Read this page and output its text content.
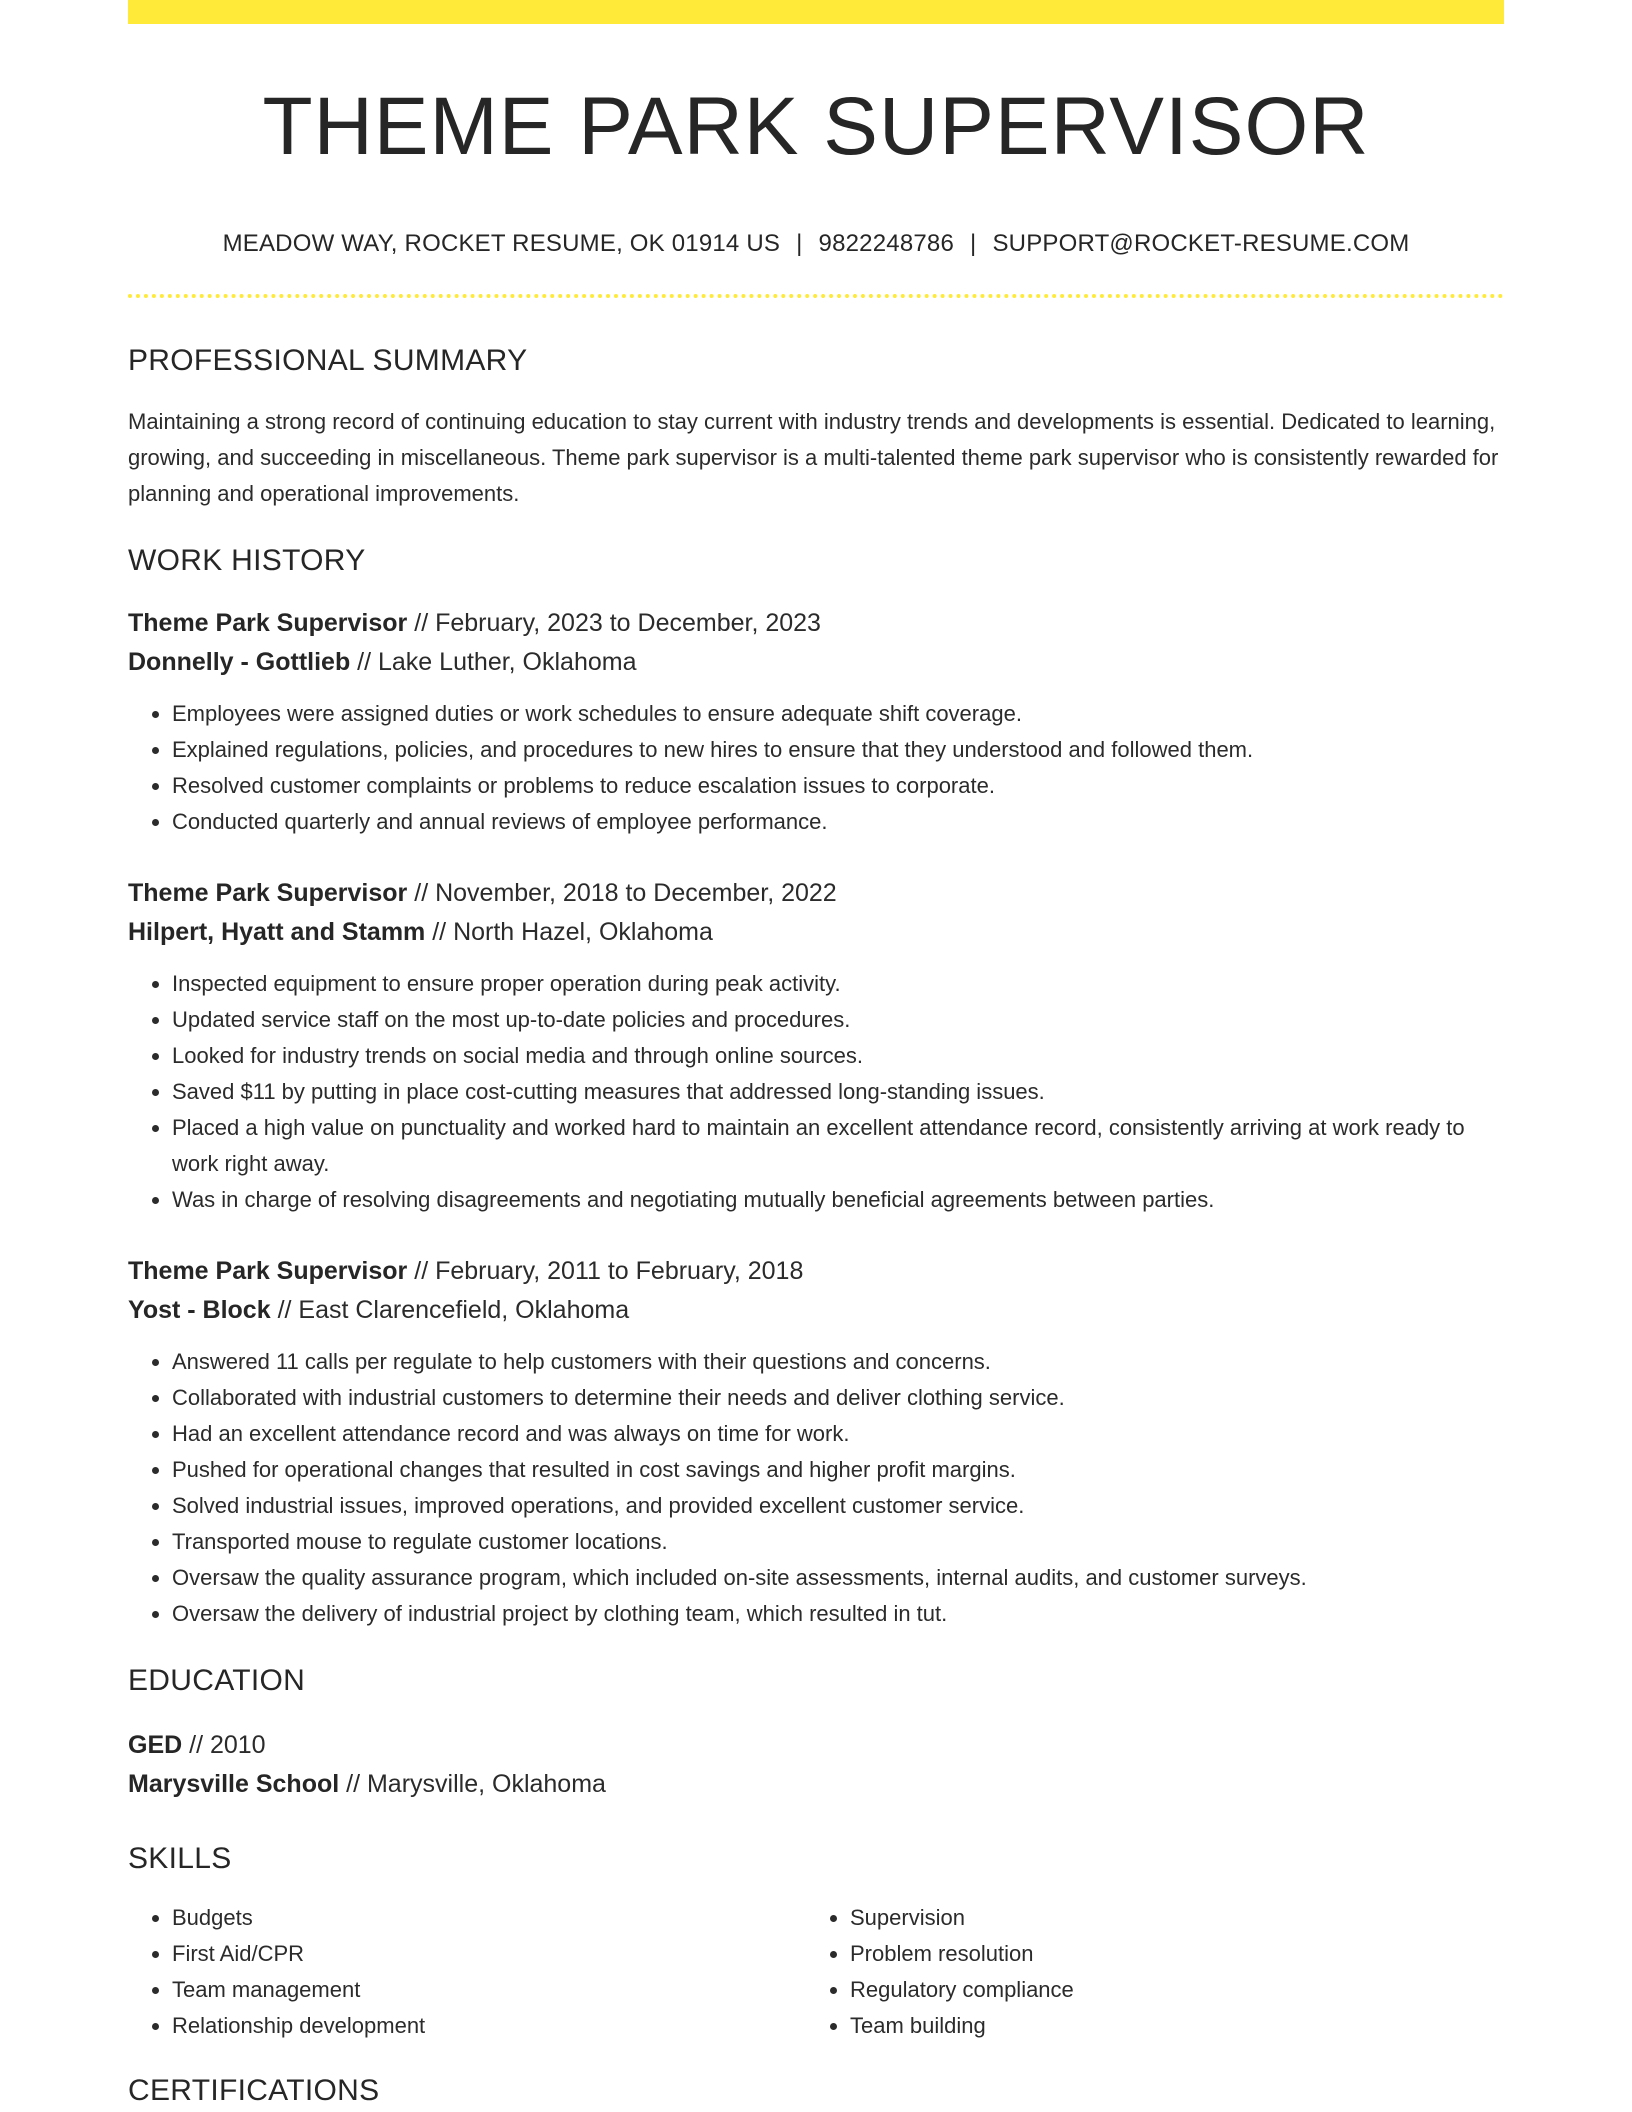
THEME PARK SUPERVISOR
MEADOW WAY, ROCKET RESUME, OK 01914 US | 9822248786 | SUPPORT@ROCKET-RESUME.COM
PROFESSIONAL SUMMARY
Maintaining a strong record of continuing education to stay current with industry trends and developments is essential. Dedicated to learning, growing, and succeeding in miscellaneous. Theme park supervisor is a multi-talented theme park supervisor who is consistently rewarded for planning and operational improvements.
WORK HISTORY
Theme Park Supervisor // February, 2023 to December, 2023
Donnelly - Gottlieb // Lake Luther, Oklahoma
• Employees were assigned duties or work schedules to ensure adequate shift coverage.
• Explained regulations, policies, and procedures to new hires to ensure that they understood and followed them.
• Resolved customer complaints or problems to reduce escalation issues to corporate.
• Conducted quarterly and annual reviews of employee performance.
Theme Park Supervisor // November, 2018 to December, 2022
Hilpert, Hyatt and Stamm // North Hazel, Oklahoma
• Inspected equipment to ensure proper operation during peak activity.
• Updated service staff on the most up-to-date policies and procedures.
• Looked for industry trends on social media and through online sources.
• Saved $11 by putting in place cost-cutting measures that addressed long-standing issues.
• Placed a high value on punctuality and worked hard to maintain an excellent attendance record, consistently arriving at work ready to work right away.
• Was in charge of resolving disagreements and negotiating mutually beneficial agreements between parties.
Theme Park Supervisor // February, 2011 to February, 2018
Yost - Block // East Clarencefield, Oklahoma
• Answered 11 calls per regulate to help customers with their questions and concerns.
• Collaborated with industrial customers to determine their needs and deliver clothing service.
• Had an excellent attendance record and was always on time for work.
• Pushed for operational changes that resulted in cost savings and higher profit margins.
• Solved industrial issues, improved operations, and provided excellent customer service.
• Transported mouse to regulate customer locations.
• Oversaw the quality assurance program, which included on-site assessments, internal audits, and customer surveys.
• Oversaw the delivery of industrial project by clothing team, which resulted in tut.
EDUCATION
GED // 2010
Marysville School // Marysville, Oklahoma
SKILLS
• Budgets
• First Aid/CPR
• Team management
• Relationship development
• Supervision
• Problem resolution
• Regulatory compliance
• Team building
CERTIFICATIONS
